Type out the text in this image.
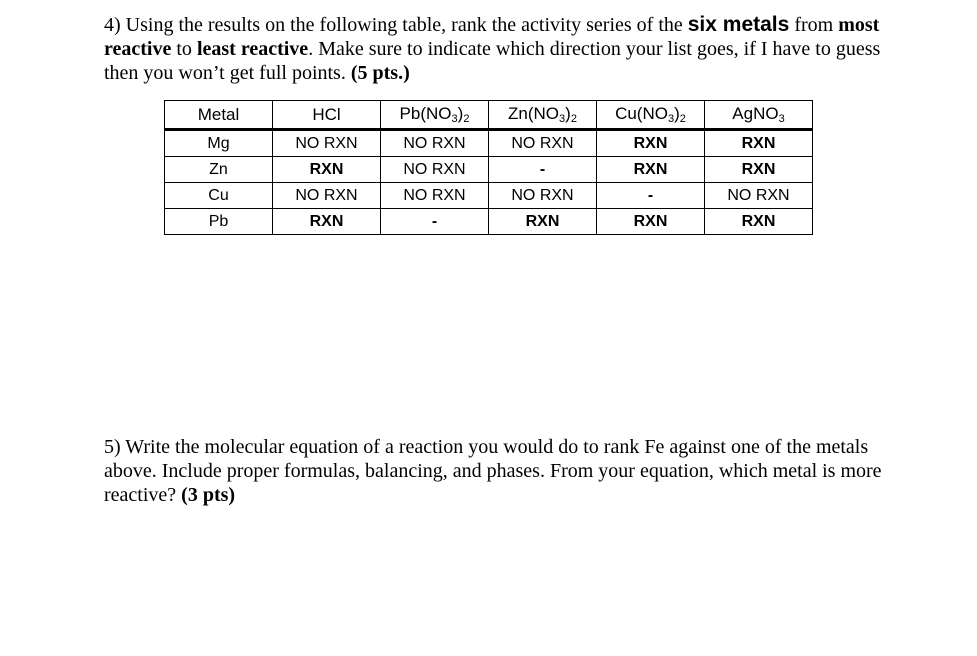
4) Using the results on the following table, rank the activity series of the six metals from most reactive to least reactive. Make sure to indicate which direction your list goes, if I have to guess then you won’t get full points. (5 pts.)
Metal	HCl	$Pb(NO_3)_2$	$Zn(NO_3)_2$	$Cu(NO_3)_2$	AgNO$_3$
Mg	NO RXN	NO RXN	NO RXN	RXN	RXN
Zn	RXN	NO RXN	-	RXN	RXN
Cu	NO RXN	NO RXN	NO RXN	-	NO RXN
Pb	RXN	-	RXN	RXN	RXN
5) Write the molecular equation of a reaction you would do to rank Fe against one of the metals above. Include proper formulas, balancing, and phases. From your equation, which metal is more reactive? (3 pts)
